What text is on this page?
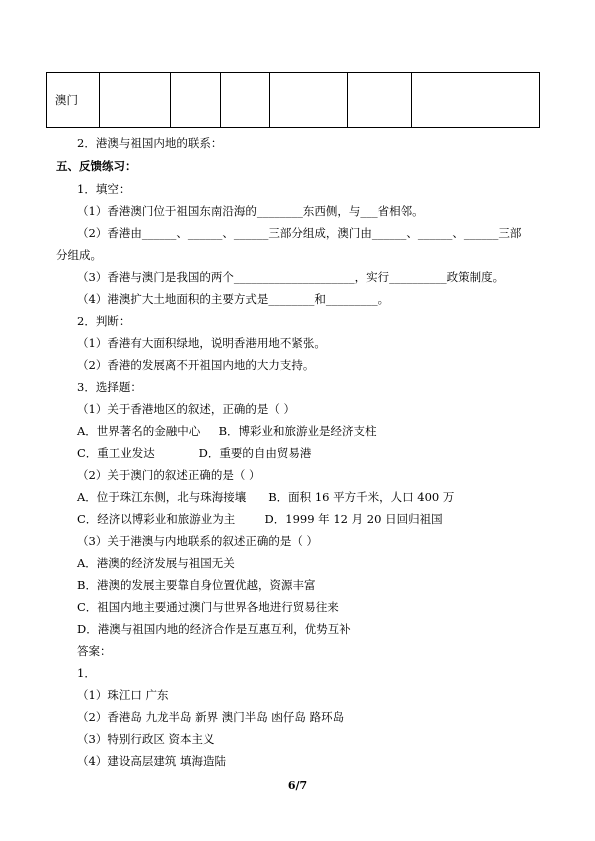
澳门						
2．港澳与祖国内地的联系：
五、反馈练习：
1．填空：
（1）香港澳门位于祖国东南沿海的________东西侧，与___省相邻。
（2）香港由______、______、______三部分组成，澳门由______、______、______三部
分组成。
（3）香港与澳门是我国的两个_____________________，实行__________政策制度。
（4）港澳扩大土地面积的主要方式是________和_________。
2．判断：
（1）香港有大面积绿地，说明香港用地不紧张。
（2）香港的发展离不开祖国内地的大力支持。
3．选择题：
（1）关于香港地区的叙述，正确的是（ ）
A．世界著名的金融中心     B．博彩业和旅游业是经济支柱
C．重工业发达            D．重要的自由贸易港
（2）关于澳门的叙述正确的是（ ）
A．位于珠江东侧，北与珠海接壤      B．面积 16 平方千米，人口 400 万
C．经济以博彩业和旅游业为主        D．1999 年 12 月 20 日回归祖国
（3）关于港澳与内地联系的叙述正确的是（ ）
A．港澳的经济发展与祖国无关
B．港澳的发展主要靠自身位置优越，资源丰富
C．祖国内地主要通过澳门与世界各地进行贸易往来
D．港澳与祖国内地的经济合作是互惠互利，优势互补
答案：
1．
（1）珠江口 广东
（2）香港岛 九龙半岛 新界 澳门半岛 凼仔岛 路环岛
（3）特别行政区 资本主义
（4）建设高层建筑 填海造陆
6/7
